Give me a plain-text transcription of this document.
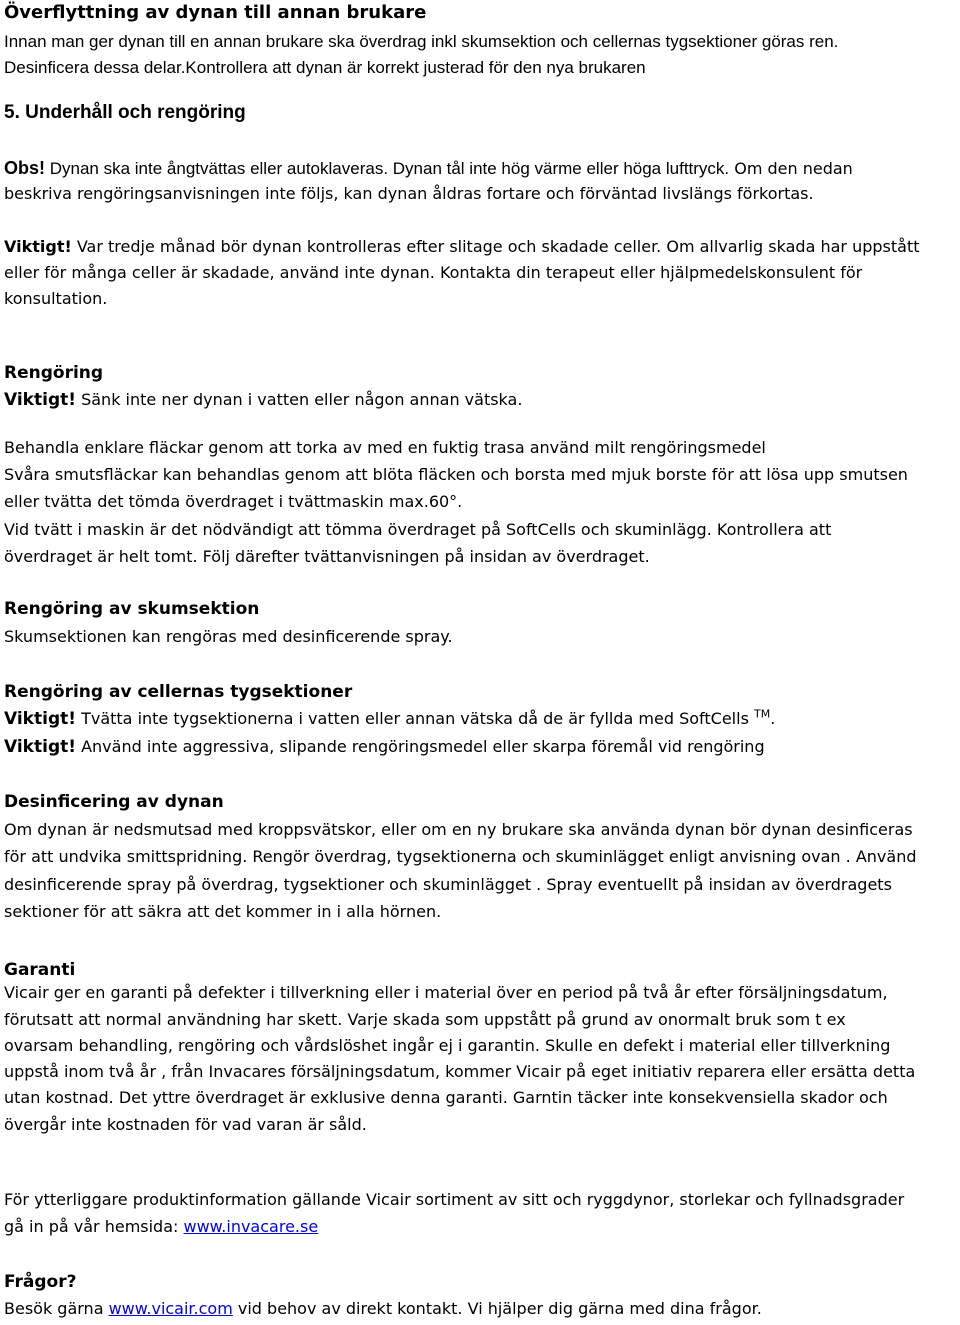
Överflyttning av dynan till annan brukare
Innan man ger dynan till en annan brukare ska överdrag inkl skumsektion och cellernas tygsektioner göras ren.
Desinficera dessa delar.Kontrollera att dynan är korrekt justerad för den nya brukaren
5. Underhåll och rengöring
Obs! Dynan ska inte ångtvättas eller autoklaveras. Dynan tål inte hög värme eller höga lufttryck. Om den nedan
beskriva rengöringsanvisningen inte följs, kan dynan åldras fortare och förväntad livslängs förkortas.
Viktigt! Var tredje månad bör dynan kontrolleras efter slitage och skadade celler. Om allvarlig skada har uppstått
eller för många celler är skadade, använd inte dynan. Kontakta din terapeut eller hjälpmedelskonsulent för
konsultation.
Rengöring
Viktigt! Sänk inte ner dynan i vatten eller någon annan vätska.
Behandla enklare fläckar genom att torka av med en fuktig trasa använd milt rengöringsmedel
Svåra smutsfläckar kan behandlas genom att blöta fläcken och borsta med mjuk borste för att lösa upp smutsen
eller tvätta det tömda överdraget i tvättmaskin max.60°.
Vid tvätt i maskin är det nödvändigt att tömma överdraget på SoftCells och skuminlägg. Kontrollera att
överdraget är helt tomt. Följ därefter tvättanvisningen på insidan av överdraget.
Rengöring av skumsektion
Skumsektionen kan rengöras med desinficerende spray.
Rengöring av cellernas tygsektioner
Viktigt! Tvätta inte tygsektionerna i vatten eller annan vätska då de är fyllda med SoftCells ™.
Viktigt! Använd inte aggressiva, slipande rengöringsmedel eller skarpa föremål vid rengöring
Desinficering av dynan
Om dynan är nedsmutsad med kroppsvätskor, eller om en ny brukare ska använda dynan bör dynan desinficeras
för att undvika smittspridning. Rengör överdrag, tygsektionerna och skuminlägget enligt anvisning ovan . Använd
desinficerende spray på överdrag, tygsektioner och skuminlägget . Spray eventuellt på insidan av överdragets
sektioner för att säkra att det kommer in i alla hörnen.
Garanti
Vicair ger en garanti på defekter i tillverkning eller i material över en period på två år efter försäljningsdatum,
förutsatt att normal användning har skett. Varje skada som uppstått på grund av onormalt bruk som t ex
ovarsam behandling, rengöring och vårdslöshet ingår ej i garantin. Skulle en defekt i material eller tillverkning
uppstå inom två år , från Invacares försäljningsdatum, kommer Vicair på eget initiativ reparera eller ersätta detta
utan kostnad. Det yttre överdraget är exklusive denna garanti. Garntin täcker inte konsekvensiella skador och
övergår inte kostnaden för vad varan är såld.
För ytterliggare produktinformation gällande Vicair sortiment av sitt och ryggdynor, storlekar och fyllnadsgrader
gå in på vår hemsida: www.invacare.se
Frågor?
Besök gärna www.vicair.com vid behov av direkt kontakt. Vi hjälper dig gärna med dina frågor.
